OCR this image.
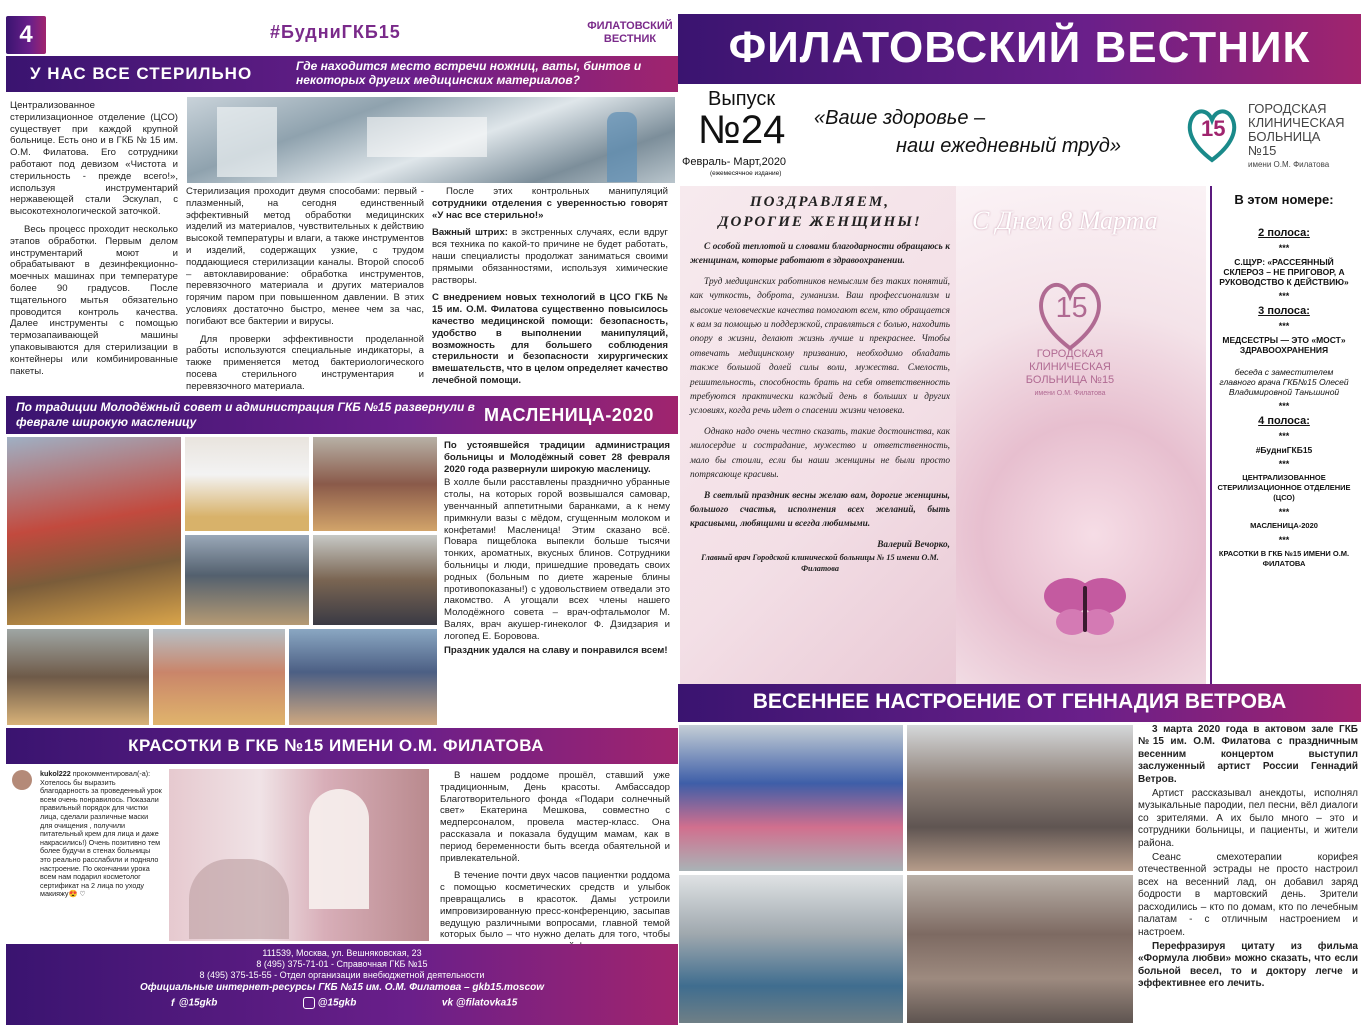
4	#БудниГКБ15	ФИЛАТОВСКИЙ
ВЕСТНИК
У НАС ВСЕ СТЕРИЛЬНО	Где находится место встречи ножниц, ваты, бинтов и некоторых других медицинских материалов?

Централизованное стерилизационное отделение (ЦСО) существует при каждой крупной больнице. Есть оно и в ГКБ № 15 им. О.М. Филатова. Его сотрудники работают под девизом «Чистота и стерильность - прежде всего!», используя инструментарий нержавеющей стали Эскулап, с высокотехнологической заточкой.

Весь процесс проходит несколько этапов обработки. Первым делом инструментарий моют и обрабатывают в дезинфекционно-моечных машинах при температуре более 90 градусов. После тщательного мытья обязательно проводится контроль качества. Далее инструменты с помощью термозапаивающей машины упаковываются для стерилизации в контейнеры или комбинированные пакеты.

Стерилизация проходит двумя способами: первый - плазменный, на сегодня единственный эффективный метод обработки медицинских изделий из материалов, чувствительных к действию высокой температуры и влаги, а также инструментов и изделий, содержащих узкие, с трудом поддающиеся стерилизации каналы. Второй способ – автоклавирование: обработка инструментов, перевязочного материала и других материалов горячим паром при повышенном давлении. В этих условиях достаточно быстро, менее чем за час, погибают все бактерии и вирусы.

Для проверки эффективности проделанной работы используются специальные индикаторы, а также применяется метод бактериологического посева стерильного инструментария и перевязочного материала.

После этих контрольных манипуляций сотрудники отделения с уверенностью говорят «У нас все стерильно!»

Важный штрих: в экстренных случаях, если вдруг вся техника по какой-то причине не будет работать, наши специалисты продолжат заниматься своими прямыми обязанностями, используя химические растворы.

С внедрением новых технологий в ЦСО ГКБ № 15 им. О.М. Филатова существенно повысилось качество медицинской помощи: безопасность, удобство в выполнении манипуляций, возможность для большего соблюдения стерильности и безопасности хирургических вмешательств, что в целом определяет качество лечебной помощи.

По традиции Молодёжный совет и администрация ГКБ №15 развернули в феврале широкую масленицу	МАСЛЕНИЦА-2020

По устоявшейся традиции администрация больницы и Молодёжный совет 28 февраля 2020 года развернули широкую масленицу.

В холле были расставлены празднично убранные столы, на которых горой возвышался самовар, увенчанный аппетитными баранками, а к нему примкнули вазы с мёдом, сгущенным молоком и конфетами! Масленица! Этим сказано всё. Повара пищеблока выпекли больше тысячи тонких, ароматных, вкусных блинов. Сотрудники больницы и люди, пришедшие проведать своих родных (больным по диете жареные блины противопоказаны!) с удовольствием отведали это лакомство. А угощали всех члены нашего Молодёжного совета – врач-офтальмолог М. Валях, врач акушер-гинеколог Ф. Дзидзария и логопед Е. Боровова.

Праздник удался на славу и понравился всем!

КРАСОТКИ В ГКБ №15 ИМЕНИ О.М. ФИЛАТОВА
kukol222 прокомментировал(-а): Хотелось бы выразить благодарность за проведенный урок всем очень понравилось. Показали правильный порядок для чистки лица, сделали различные маски для очищения , получили питательный крем для лица и даже накрасились!) Очень позитивно тем более будучи в стенах больницы это реально расслабили и подняло настроение. По окончании урока всем нам подарил косметолог сертификат на 2 лица по уходу макияжу😍 ♡

В нашем роддоме прошёл, ставший уже традиционным, День красоты. Амбассадор Благотворительного фонда «Подари солнечный свет» Екатерина Мешкова, совместно с медперсоналом, провела мастер-класс. Она рассказала и показала будущим мамам, как в период беременности быть всегда обаятельной и привлекательной.

В течение почти двух часов пациентки роддома с помощью косметических средств и улыбок превращались в красоток. Дамы устроили импровизированную пресс-конференцию, засыпав ведущую различными вопросами, главной темой которых было – что нужно делать для того, чтобы

111539, Москва, ул. Вешняковская, 23
8 (495) 375-71-01 - Справочная ГКБ №15
8 (495) 375-15-55 - Отдел организации внебюджетной деятельности
Официальные интернет-ресурсы ГКБ №15 им. О.М. Филатова – gkb15.moscow
f @15gkb	@15gkb	vk @filatovka15
ФИЛАТОВСКИЙ ВЕСТНИК
Выпуск
№24
Февраль- Март,2020
(ежемесячное издание)
«Ваше здоровье –
наш ежедневный труд»
15
ГОРОДСКАЯ
КЛИНИЧЕСКАЯ
БОЛЬНИЦА №15
имени О.М. Филатова
С Днем 8 Марта
15
ГОРОДСКАЯ
КЛИНИЧЕСКАЯ
БОЛЬНИЦА №15
имени О.М. Филатова
ПОЗДРАВЛЯЕМ,
ДОРОГИЕ ЖЕНЩИНЫ!

С особой теплотой и словами благодарности обращаюсь к женщинам, которые работают в здравоохранении.

Труд медицинских работников немыслим без таких понятий, как чуткость, доброта, гуманизм. Ваш профессионализм и высокие человеческие качества помогают всем, кто обращается к вам за помощью и поддержкой, справляться с болью, находить опору в жизни, делают жизнь лучше и прекраснее. Чтобы отвечать медицинскому призванию, необходимо обладать также большой долей силы воли, мужества. Смелость, решительность, способность брать на себя ответственность требуются практически каждый день в больших и других условиях, когда речь идет о спасении жизни человека.

Однако надо очень честно сказать, такие достоинства, как милосердие и сострадание, мужество и ответственность, мало бы стоили, если бы наши женщины не были просто потрясающе красивы.

В светлый праздник весны желаю вам, дорогие женщины, большого счастья, исполнения всех желаний, быть красивыми, любящими и всегда любимыми.

Валерий Вечорко,
Главный врач Городской клинической больницы № 15 имени О.М. Филатова
В этом номере:
2 полоса:
***
С.ЩУР: «РАССЕЯННЫЙ СКЛЕРОЗ – НЕ ПРИГОВОР, А РУКОВОДСТВО К ДЕЙСТВИЮ»
***
3 полоса:
***
МЕДСЕСТРЫ — ЭТО «МОСТ» ЗДРАВООХРАНЕНИЯ
беседа с заместителем главного врача ГКБ№15 Олесей Владимировной Таньшиной
***
4 полоса:
***
#БудниГКБ15
***
ЦЕНТРАЛИЗОВАННОЕ СТЕРИЛИЗАЦИОННОЕ ОТДЕЛЕНИЕ (ЦСО)
***
МАСЛЕНИЦА-2020
***
КРАСОТКИ В ГКБ №15 ИМЕНИ О.М. ФИЛАТОВА
ВЕСЕННЕЕ НАСТРОЕНИЕ ОТ ГЕННАДИЯ ВЕТРОВА

3 марта 2020 года в актовом зале ГКБ №15 им. О.М. Филатова с праздничным весенним концертом выступил заслуженный артист России Геннадий Ветров.

Артист рассказывал анекдоты, исполнял музыкальные пародии, пел песни, вёл диалоги со зрителями. А их было много – это и сотрудники больницы, и пациенты, и жители района.

Сеанс смехотерапии корифея отечественной эстрады не просто настроил всех на весенний лад, он добавил заряд бодрости в мартовский день. Зрители расходились – кто по домам, кто по лечебным палатам - с отличным настроением и настроем.

Перефразируя цитату из фильма «Формула любви» можно сказать, что если больной весел, то и доктору легче и эффективнее его лечить.
